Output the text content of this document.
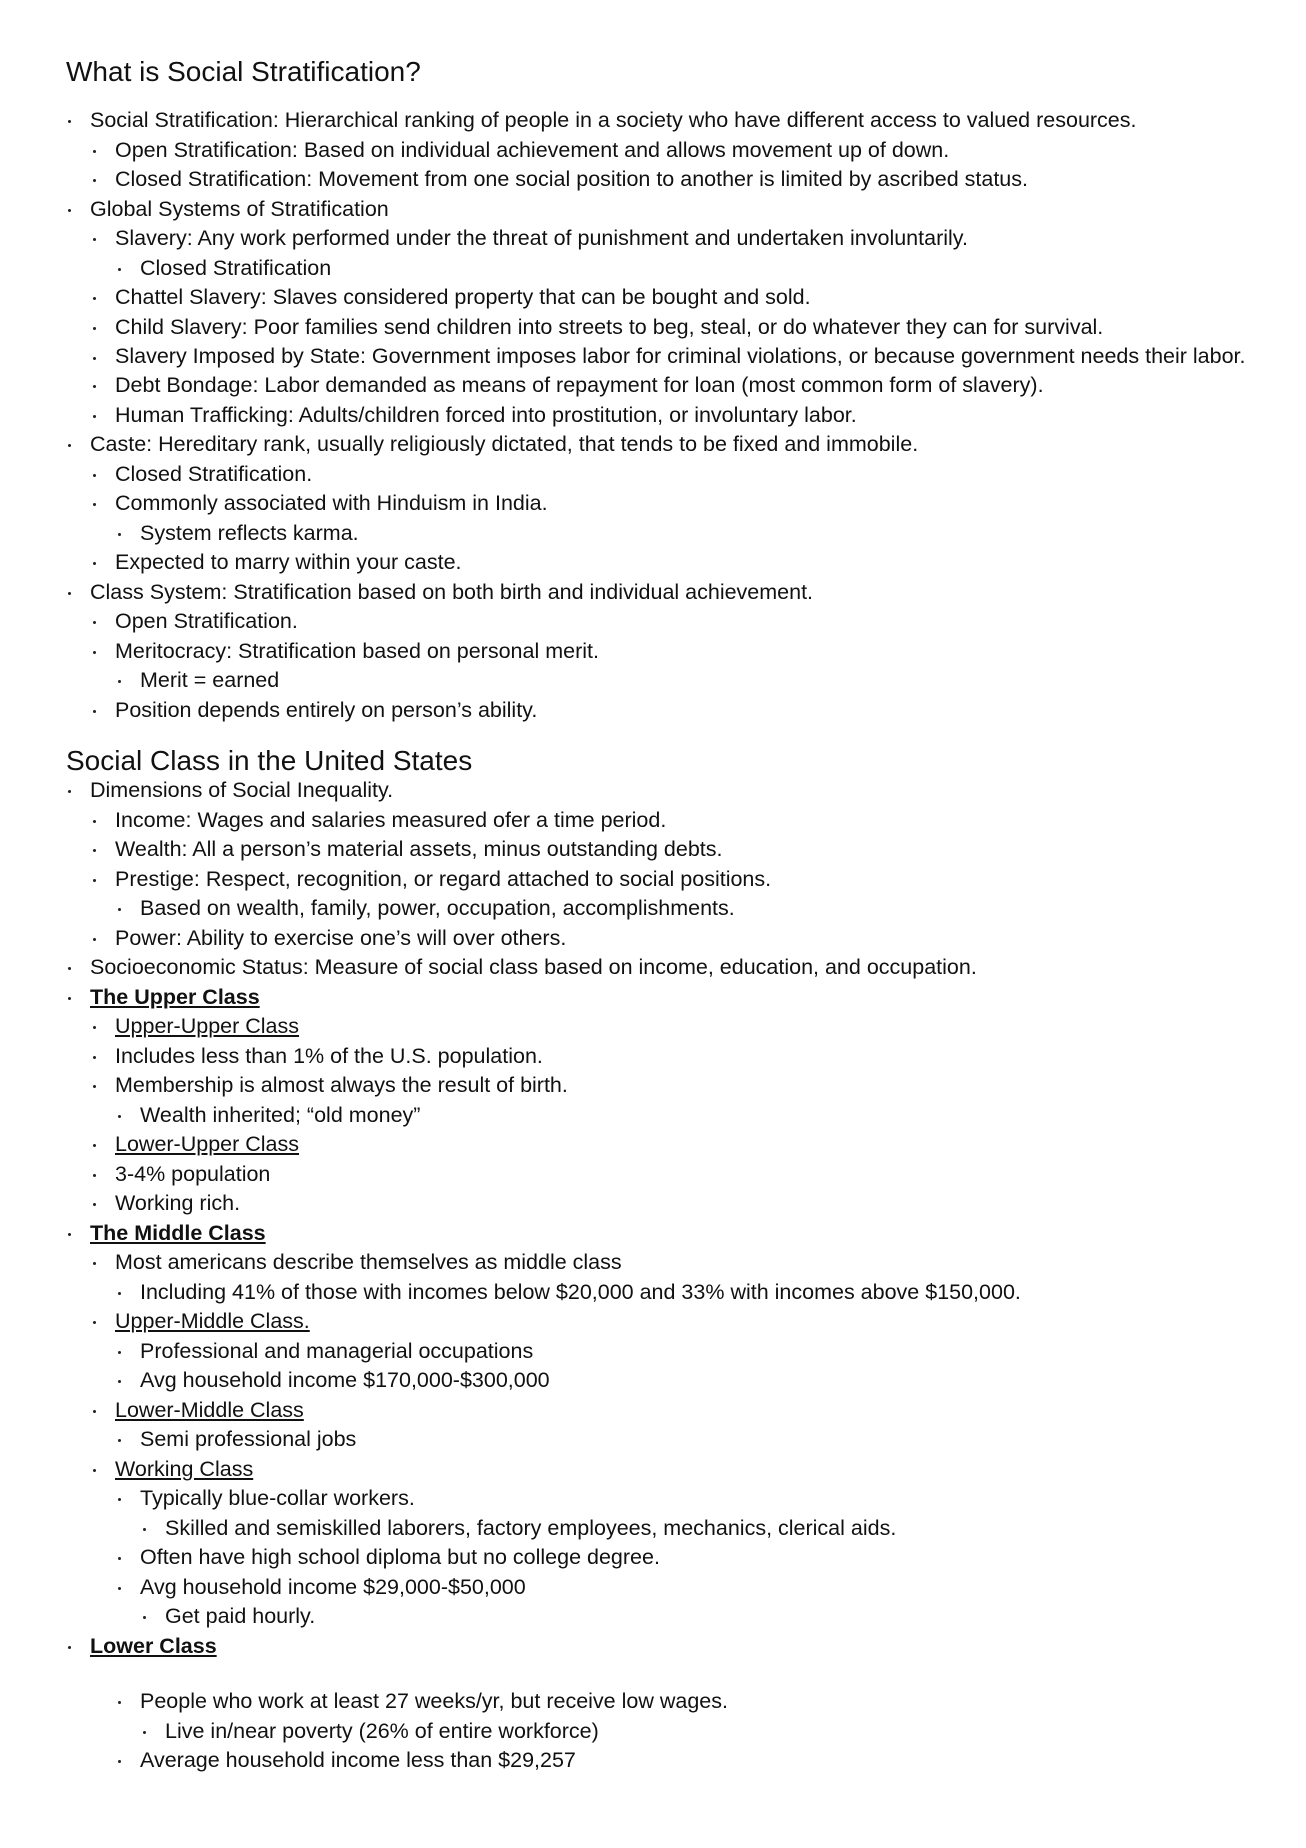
What is Social Stratification?
Social Stratification: Hierarchical ranking of people in a society who have different access to valued resources.
Open Stratification: Based on individual achievement and allows movement up of down.
Closed Stratification: Movement from one social position to another is limited by ascribed status.
Global Systems of Stratification
Slavery: Any work performed under the threat of punishment and undertaken involuntarily.
Closed Stratification
Chattel Slavery: Slaves considered property that can be bought and sold.
Child Slavery: Poor families send children into streets to beg, steal, or do whatever they can for survival.
Slavery Imposed by State: Government imposes labor for criminal violations, or because government needs their labor.
Debt Bondage: Labor demanded as means of repayment for loan (most common form of slavery).
Human Trafficking: Adults/children forced into prostitution, or involuntary labor.
Caste: Hereditary rank, usually religiously dictated, that tends to be fixed and immobile.
Closed Stratification.
Commonly associated with Hinduism in India.
System reflects karma.
Expected to marry within your caste.
Class System: Stratification based on both birth and individual achievement.
Open Stratification.
Meritocracy: Stratification based on personal merit.
Merit = earned
Position depends entirely on person’s ability.
Social Class in the United States
Dimensions of Social Inequality.
Income: Wages and salaries measured ofer a time period.
Wealth: All a person’s material assets, minus outstanding debts.
Prestige: Respect, recognition, or regard attached to social positions.
Based on wealth, family, power, occupation, accomplishments.
Power: Ability to exercise one’s will over others.
Socioeconomic Status: Measure of social class based on income, education, and occupation.
The Upper Class
Upper-Upper Class
Includes less than 1% of the U.S. population.
Membership is almost always the result of birth.
Wealth inherited; “old money”
Lower-Upper Class
3-4% population
Working rich.
The Middle Class
Most americans describe themselves as middle class
Including 41% of those with incomes below $20,000 and 33% with incomes above $150,000.
Upper-Middle Class.
Professional and managerial occupations
Avg household income $170,000-$300,000
Lower-Middle Class
Semi professional jobs
Working Class
Typically blue-collar workers.
Skilled and semiskilled laborers, factory employees, mechanics, clerical aids.
Often have high school diploma but no college degree.
Avg household income $29,000-$50,000
Get paid hourly.
Lower Class
People who work at least 27 weeks/yr, but receive low wages.
Live in/near poverty (26% of entire workforce)
Average household income less than $29,257
